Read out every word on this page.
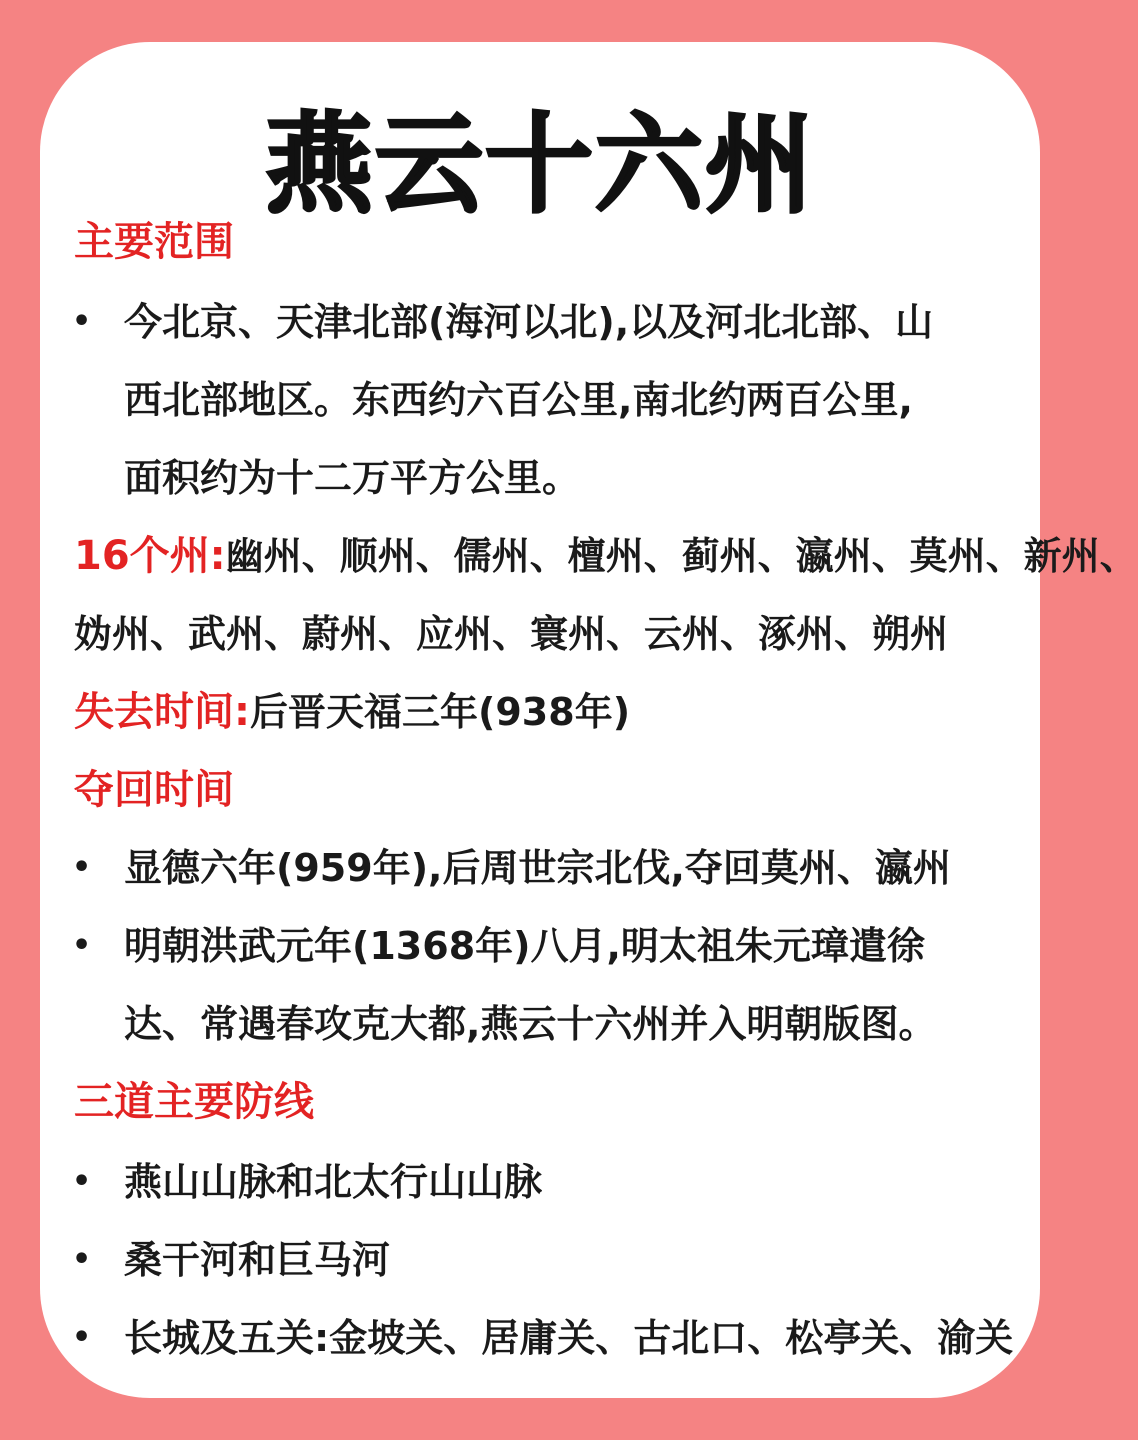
燕云十六州
主要范围
• 今北京、天津北部(海河以北),以及河北北部、山
西北部地区。东西约六百公里,南北约两百公里,
面积约为十二万平方公里。
16个州:幽州、顺州、儒州、檀州、蓟州、瀛州、莫州、新州、
妫州、武州、蔚州、应州、寰州、云州、涿州、朔州
失去时间:后晋天福三年(938年)
夺回时间
• 显德六年(959年),后周世宗北伐,夺回莫州、瀛州
• 明朝洪武元年(1368年)八月,明太祖朱元璋遣徐
达、常遇春攻克大都,燕云十六州并入明朝版图。
三道主要防线
• 燕山山脉和北太行山山脉
• 桑干河和巨马河
• 长城及五关:金坡关、居庸关、古北口、松亭关、渝关
